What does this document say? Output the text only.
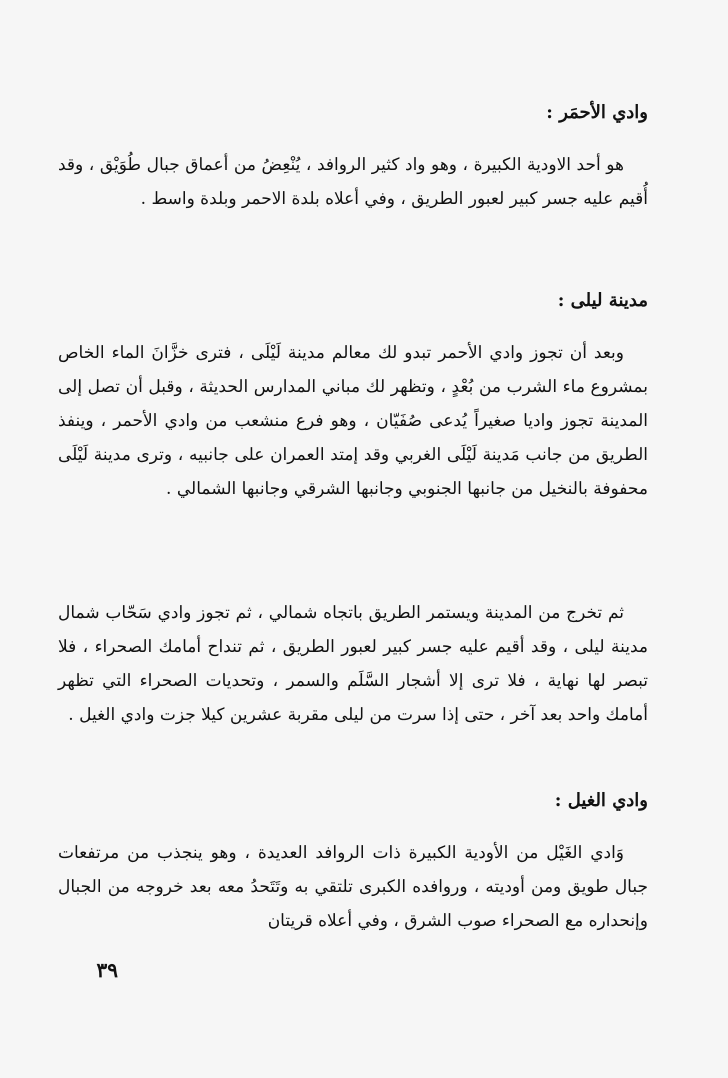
وادي الأحمَر :

هو أحد الاودية الكبيرة ، وهو واد كثير الروافد ، يُنْعِضُ من أعماق جبال طُوَيْق ، وقد أُقيم عليه جسر كبير لعبور الطريق ، وفي أعلاه بلدة الاحمر وبلدة واسط .

مدينة ليلى :

وبعد أن تجوز وادي الأحمر تبدو لك معالم مدينة لَيْلَى ، فترى خزَّانَ الماء الخاص بمشروع ماء الشرب من بُعْدٍ ، وتظهر لك مباني المدارس الحديثة ، وقبل أن تصل إلى المدينة تجوز واديا صغيراً يُدعى صُفَيّان ، وهو فرع منشعب من وادي الأحمر ، وينفذ الطريق من جانب مَدينة لَيْلَى الغربي وقد إمتد العمران على جانبيه ، وترى مدينة لَيْلَى محفوفة بالنخيل من جانبها الجنوبي وجانبها الشرقي وجانبها الشمالي .

ثم تخرج من المدينة ويستمر الطريق باتجاه شمالي ، ثم تجوز وادي سَحّاب شمال مدينة ليلى ، وقد أقيم عليه جسر كبير لعبور الطريق ، ثم تنداح أمامك الصحراء ، فلا تبصر لها نهاية ، فلا ترى إلا أشجار السَّلَم والسمر ، وتحديات الصحراء التي تظهر أمامك واحد بعد آخر ، حتى إذا سرت من ليلى مقربة عشرين كيلا جزت وادي الغيل .

وادي الغيل :

وَادي الغَيْل من الأودية الكبيرة ذات الروافد العديدة ، وهو ينجذب من مرتفعات جبال طويق ومن أوديته ، وروافده الكبرى تلتقي به وتَتَحدُ معه بعد خروجه من الجبال وإنحداره مع الصحراء صوب الشرق ، وفي أعلاه قريتان

٣٩
